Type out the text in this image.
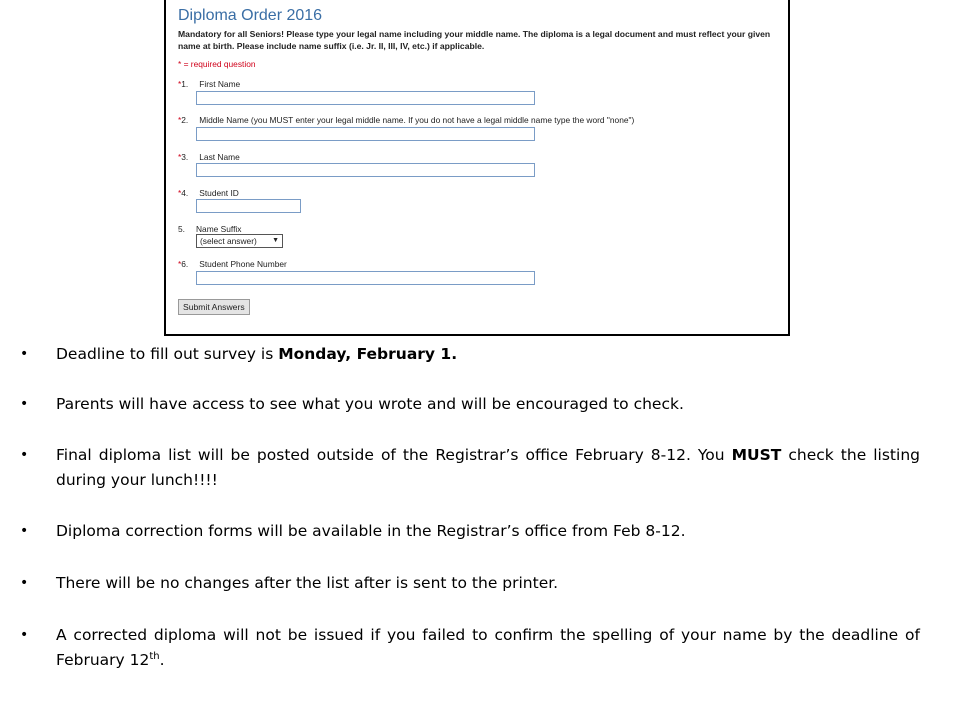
Diploma Order 2016
Mandatory for all Seniors! Please type your legal name including your middle name. The diploma is a legal document and must reflect your given name at birth. Please include name suffix (i.e. Jr. II, III, IV, etc.) if applicable.
* = required question
*1. First Name
*2. Middle Name (you MUST enter your legal middle name. If you do not have a legal middle name type the word "none")
*3. Last Name
*4. Student ID
5. Name Suffix
(select answer) ▼
*6. Student Phone Number
Submit Answers
• Deadline to fill out survey is Monday, February 1.
• Parents will have access to see what you wrote and will be encouraged to check.
• Final diploma list will be posted outside of the Registrar’s office February 8-12. You MUST check the listing during your lunch!!!!
• Diploma correction forms will be available in the Registrar’s office from Feb 8-12.
• There will be no changes after the list after is sent to the printer.
• A corrected diploma will not be issued if you failed to confirm the spelling of your name by the deadline of February 12th.
